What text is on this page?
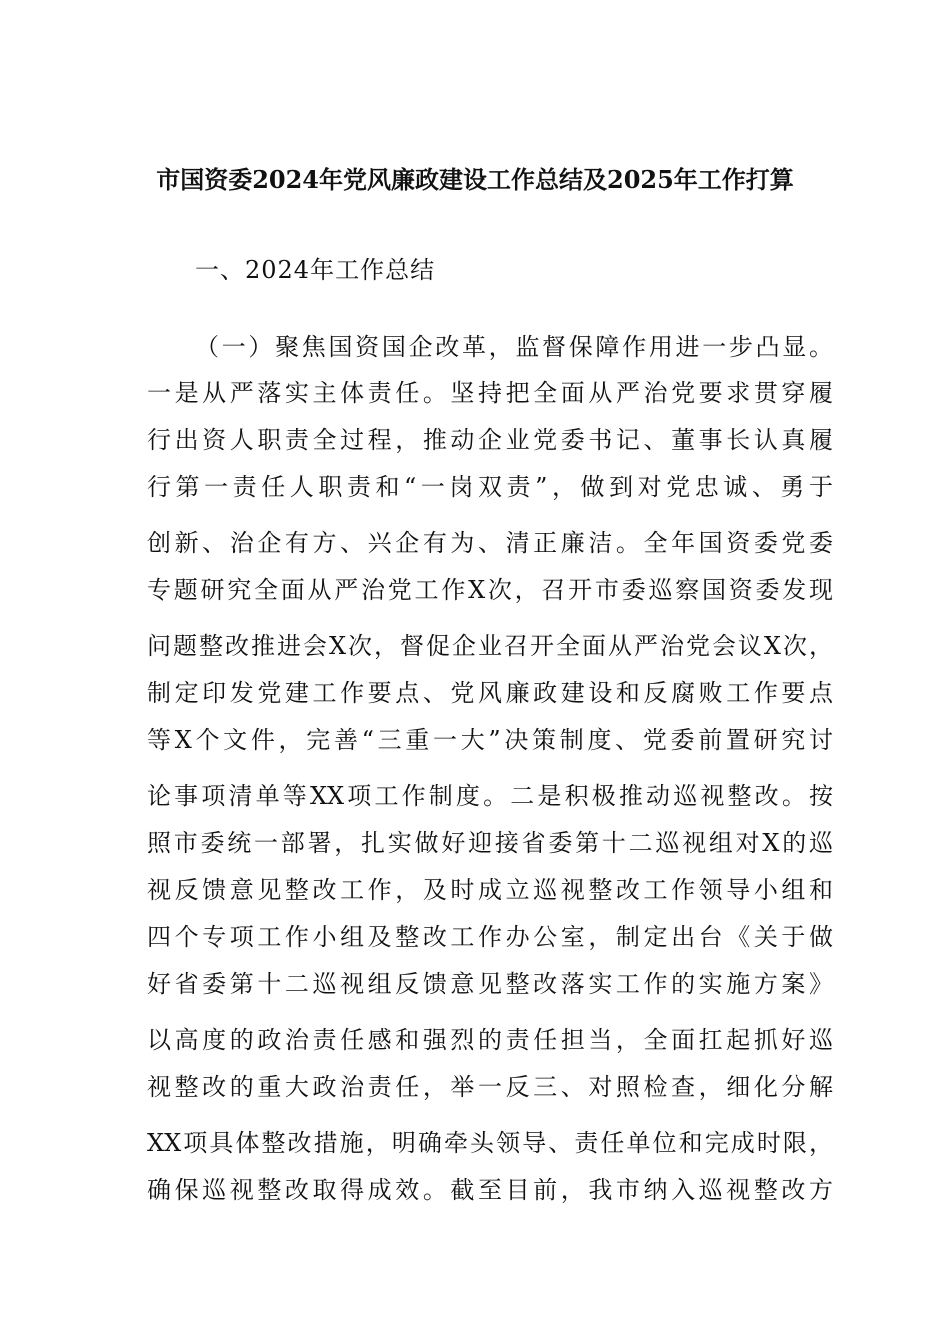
市国资委2024年党风廉政建设工作总结及2025年工作打算
一、2024年工作总结
（一）聚焦国资国企改革，监督保障作用进一步凸显。
一是从严落实主体责任。坚持把全面从严治党要求贯穿履
行出资人职责全过程，推动企业党委书记、董事长认真履
行第一责任人职责和“一岗双责”，做到对党忠诚、勇于
创新、治企有方、兴企有为、清正廉洁。全年国资委党委
专题研究全面从严治党工作X次，召开市委巡察国资委发现
问题整改推进会X次，督促企业召开全面从严治党会议X次，
制定印发党建工作要点、党风廉政建设和反腐败工作要点
等X个文件，完善“三重一大”决策制度、党委前置研究讨
论事项清单等XX项工作制度。二是积极推动巡视整改。按
照市委统一部署，扎实做好迎接省委第十二巡视组对X的巡
视反馈意见整改工作，及时成立巡视整改工作领导小组和
四个专项工作小组及整改工作办公室，制定出台《关于做
好省委第十二巡视组反馈意见整改落实工作的实施方案》
以高度的政治责任感和强烈的责任担当，全面扛起抓好巡
视整改的重大政治责任，举一反三、对照检查，细化分解
XX项具体整改措施，明确牵头领导、责任单位和完成时限，
确保巡视整改取得成效。截至目前，我市纳入巡视整改方
